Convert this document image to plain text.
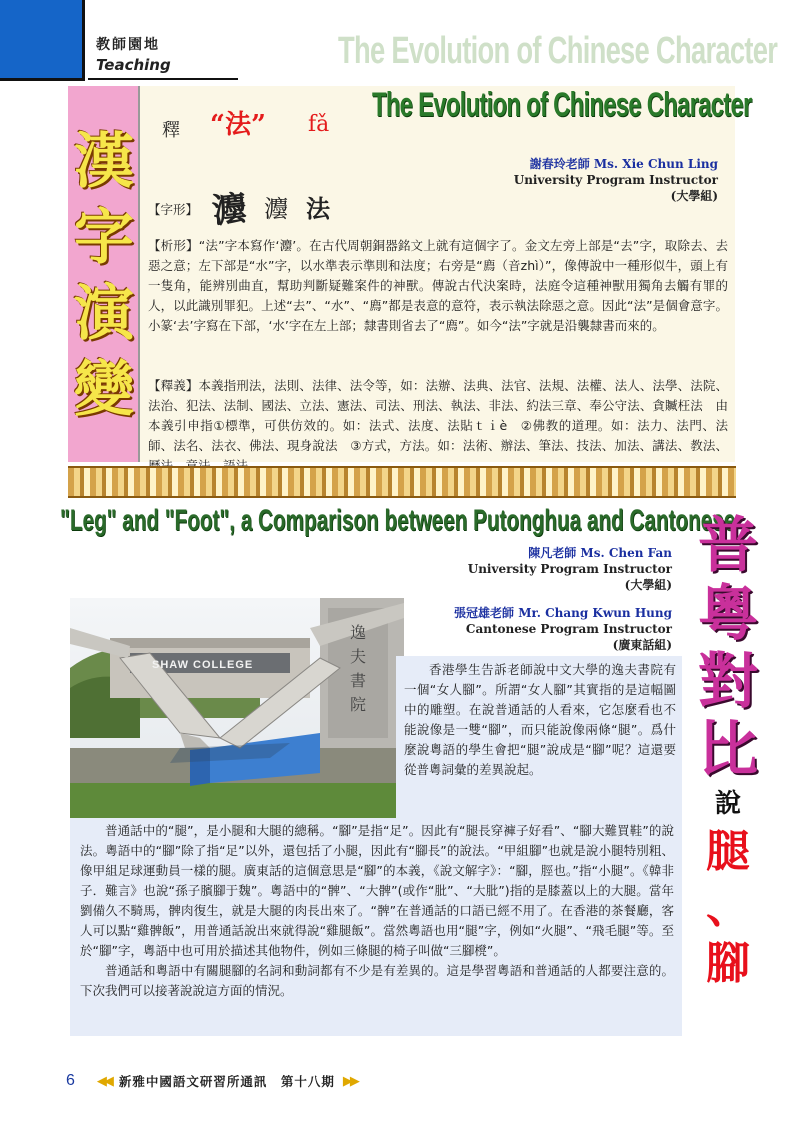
教師園地
Teaching	The Evolution of Chinese Character
漢
字
演
變
The Evolution of Chinese Character
釋 “法” fǎ
謝春玲老師 Ms. Xie Chun Ling
University Program Instructor
(大學組)
【字形】 灋 灋 法
【析形】“法”字本寫作‘灋’。在古代周朝銅器銘文上就有這個字了。金文左旁上部是“去”字，取除去、去惡之意；左下部是“水”字，以水準表示準則和法度；右旁是“廌（音zhì）”，像傳說中一種形似牛，頭上有一隻角，能辨別曲直，幫助判斷疑難案件的神獸。傳說古代決案時，法庭令這種神獸用獨角去觸有罪的人，以此識別罪犯。上述“去”、“水”、“廌”都是表意的意符，表示執法除惡之意。因此“法”是個會意字。小篆‘去’字寫在下部，‘水’字在左上部；隸書則省去了“廌”。如今“法”字就是沿襲隸書而來的。
【釋義】本義指刑法，法則、法律、法令等，如：法辦、法典、法官、法規、法權、法人、法學、法院、法治、犯法、法制、國法、立法、憲法、司法、刑法、執法、非法、約法三章、奉公守法、貪贓枉法　由本義引申指①標準，可供仿效的。如：法式、法度、法貼ｔｉè　②佛教的道理。如：法力、法門、法師、法名、法衣、佛法、現身說法　③方式，方法。如：法術、辦法、筆法、技法、加法、講法、教法、
"Leg" and "Foot", a Comparison between Putonghua and Cantonese
陳凡老師 Ms. Chen Fan
University Program Instructor
(大學組)
張冠雄老師 Mr. Chang Kwun Hung
Cantonese Program Instructor
(廣東話組)
普
粵
對
比
說
腿
、
腳
逸
夫
書
院
SHAW COLLEGE	香港學生告訴老師說中文大學的逸夫書院有一個“女人腳”。所謂“女人腳”其實指的是這幅圖中的雕塑。在說普通話的人看來，它怎麼看也不能說像是一雙“腳”，而只能說像兩條“腿”。爲什麼說粵語的學生會把“腿”說成是“腳”呢？這還要從普粵詞彙的差異說起。

普通話中的“腿”，是小腿和大腿的總稱。“腳”是指“足”。因此有“腿長穿褲子好看”、“腳大難買鞋”的說法。粵語中的“腳”除了指“足”以外，還包括了小腿，因此有“腳長”的說法。“甲組腳”也就是說小腿特別粗、像甲組足球運動員一樣的腿。廣東話的這個意思是“腳”的本義，《說文解字》：“腳，脛也。”指“小腿”。《韓非子．難言》也說“孫子臏腳于魏”。粵語中的“髀”、“大髀”(或作“肶”、“大肶”)指的是膝蓋以上的大腿。當年劉備久不騎馬，髀肉復生，就是大腿的肉長出來了。“髀”在普通話的口語已經不用了。在香港的茶餐廳，客人可以點“雞髀飯”，用普通話說出來就得說“雞腿飯”。當然粵語也用“腿”字，例如“火腿”、“飛毛腿”等。至於“腳”字，粵語中也可用於描述其他物件，例如三條腿的椅子叫做“三腳櫈”。

普通話和粵語中有關腿腳的名詞和動詞都有不少是有差異的。這是學習粵語和普通話的人都要注意的。下次我們可以接著說說這方面的情況。

6 ◀◀ 新雅中國語文研習所通訊　第十八期 ▶▶
